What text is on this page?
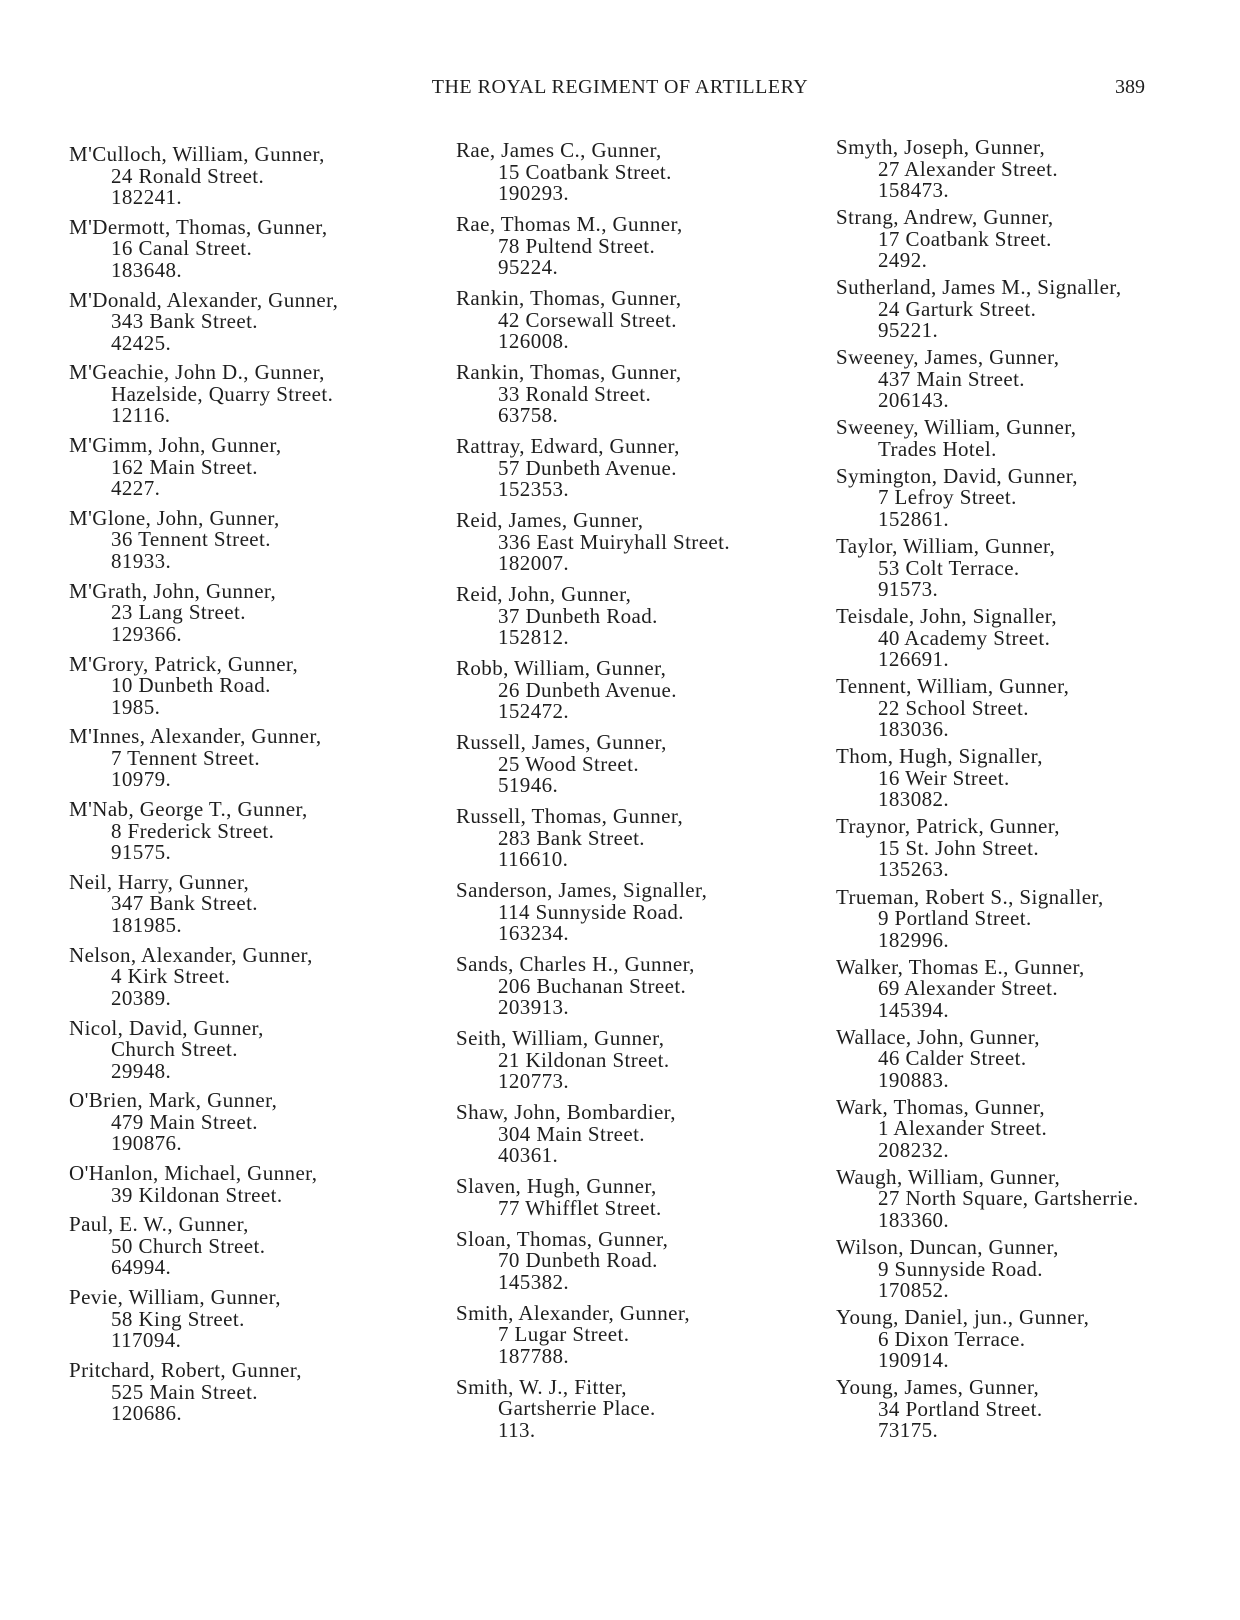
THE ROYAL REGIMENT OF ARTILLERY	389
M'Culloch, William, Gunner,
24 Ronald Street.
182241.
M'Dermott, Thomas, Gunner,
16 Canal Street.
183648.
M'Donald, Alexander, Gunner,
343 Bank Street.
42425.
M'Geachie, John D., Gunner,
Hazelside, Quarry Street.
12116.
M'Gimm, John, Gunner,
162 Main Street.
4227.
M'Glone, John, Gunner,
36 Tennent Street.
81933.
M'Grath, John, Gunner,
23 Lang Street.
129366.
M'Grory, Patrick, Gunner,
10 Dunbeth Road.
1985.
M'Innes, Alexander, Gunner,
7 Tennent Street.
10979.
M'Nab, George T., Gunner,
8 Frederick Street.
91575.
Neil, Harry, Gunner,
347 Bank Street.
181985.
Nelson, Alexander, Gunner,
4 Kirk Street.
20389.
Nicol, David, Gunner,
Church Street.
29948.
O'Brien, Mark, Gunner,
479 Main Street.
190876.
O'Hanlon, Michael, Gunner,
39 Kildonan Street.
Paul, E. W., Gunner,
50 Church Street.
64994.
Pevie, William, Gunner,
58 King Street.
117094.
Pritchard, Robert, Gunner,
525 Main Street.
120686.
Rae, James C., Gunner,
15 Coatbank Street.
190293.
Rae, Thomas M., Gunner,
78 Pultend Street.
95224.
Rankin, Thomas, Gunner,
42 Corsewall Street.
126008.
Rankin, Thomas, Gunner,
33 Ronald Street.
63758.
Rattray, Edward, Gunner,
57 Dunbeth Avenue.
152353.
Reid, James, Gunner,
336 East Muiryhall Street.
182007.
Reid, John, Gunner,
37 Dunbeth Road.
152812.
Robb, William, Gunner,
26 Dunbeth Avenue.
152472.
Russell, James, Gunner,
25 Wood Street.
51946.
Russell, Thomas, Gunner,
283 Bank Street.
116610.
Sanderson, James, Signaller,
114 Sunnyside Road.
163234.
Sands, Charles H., Gunner,
206 Buchanan Street.
203913.
Seith, William, Gunner,
21 Kildonan Street.
120773.
Shaw, John, Bombardier,
304 Main Street.
40361.
Slaven, Hugh, Gunner,
77 Whifflet Street.
Sloan, Thomas, Gunner,
70 Dunbeth Road.
145382.
Smith, Alexander, Gunner,
7 Lugar Street.
187788.
Smith, W. J., Fitter,
Gartsherrie Place.
113.
Smyth, Joseph, Gunner,
27 Alexander Street.
158473.
Strang, Andrew, Gunner,
17 Coatbank Street.
2492.
Sutherland, James M., Signaller,
24 Garturk Street.
95221.
Sweeney, James, Gunner,
437 Main Street.
206143.
Sweeney, William, Gunner,
Trades Hotel.
Symington, David, Gunner,
7 Lefroy Street.
152861.
Taylor, William, Gunner,
53 Colt Terrace.
91573.
Teisdale, John, Signaller,
40 Academy Street.
126691.
Tennent, William, Gunner,
22 School Street.
183036.
Thom, Hugh, Signaller,
16 Weir Street.
183082.
Traynor, Patrick, Gunner,
15 St. John Street.
135263.
Trueman, Robert S., Signaller,
9 Portland Street.
182996.
Walker, Thomas E., Gunner,
69 Alexander Street.
145394.
Wallace, John, Gunner,
46 Calder Street.
190883.
Wark, Thomas, Gunner,
1 Alexander Street.
208232.
Waugh, William, Gunner,
27 North Square, Gartsherrie.
183360.
Wilson, Duncan, Gunner,
9 Sunnyside Road.
170852.
Young, Daniel, jun., Gunner,
6 Dixon Terrace.
190914.
Young, James, Gunner,
34 Portland Street.
73175.
